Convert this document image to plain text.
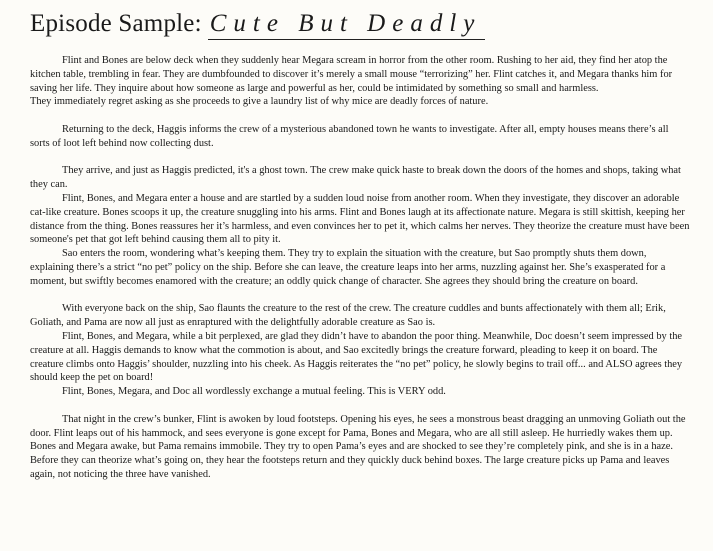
Episode Sample: Cute But Deadly

Flint and Bones are below deck when they suddenly hear Megara scream in horror from the other room. Rushing to her aid, they find her atop the kitchen table, trembling in fear. They are dumbfounded to discover it’s merely a small mouse “terrorizing” her. Flint catches it, and Megara thanks him for saving her life. They inquire about how someone as large and powerful as her, could be intimidated by something so small and harmless.

They immediately regret asking as she proceeds to give a laundry list of why mice are deadly forces of nature.

Returning to the deck, Haggis informs the crew of a mysterious abandoned town he wants to investigate. After all, empty houses means there’s all sorts of loot left behind now collecting dust.

They arrive, and just as Haggis predicted, it's a ghost town. The crew make quick haste to break down the doors of the homes and shops, taking what they can.

Flint, Bones, and Megara enter a house and are startled by a sudden loud noise from another room. When they investigate, they discover an adorable cat-like creature. Bones scoops it up, the creature snuggling into his arms. Flint and Bones laugh at its affectionate nature. Megara is still skittish, keeping her distance from the thing. Bones reassures her it’s harmless, and even convinces her to pet it, which calms her nerves. They theorize the creature must have been someone's pet that got left behind causing them all to pity it.

Sao enters the room, wondering what’s keeping them. They try to explain the situation with the creature, but Sao promptly shuts them down, explaining there’s a strict “no pet” policy on the ship. Before she can leave, the creature leaps into her arms, nuzzling against her. She’s exasperated for a moment, but swiftly becomes enamored with the creature; an oddly quick change of character. She agrees they should bring the creature on board.

With everyone back on the ship, Sao flaunts the creature to the rest of the crew. The creature cuddles and bunts affectionately with them all; Erik, Goliath, and Pama are now all just as enraptured with the delightfully adorable creature as Sao is.

Flint, Bones, and Megara, while a bit perplexed, are glad they didn’t have to abandon the poor thing. Meanwhile, Doc doesn’t seem impressed by the creature at all. Haggis demands to know what the commotion is about, and Sao excitedly brings the creature forward, pleading to keep it on board. The creature climbs onto Haggis’ shoulder, nuzzling into his cheek. As Haggis reiterates the “no pet” policy, he slowly begins to trail off... and ALSO agrees they should keep the pet on board!

Flint, Bones, Megara, and Doc all wordlessly exchange a mutual feeling. This is VERY odd.

That night in the crew’s bunker, Flint is awoken by loud footsteps. Opening his eyes, he sees a monstrous beast dragging an unmoving Goliath out the door. Flint leaps out of his hammock, and sees everyone is gone except for Pama, Bones and Megara, who are all still asleep. He hurriedly wakes them up. Bones and Megara awake, but Pama remains immobile. They try to open Pama’s eyes and are shocked to see they’re completely pink, and she is in a haze. Before they can theorize what’s going on, they hear the footsteps return and they quickly duck behind boxes. The large creature picks up Pama and leaves again, not noticing the three have vanished.
